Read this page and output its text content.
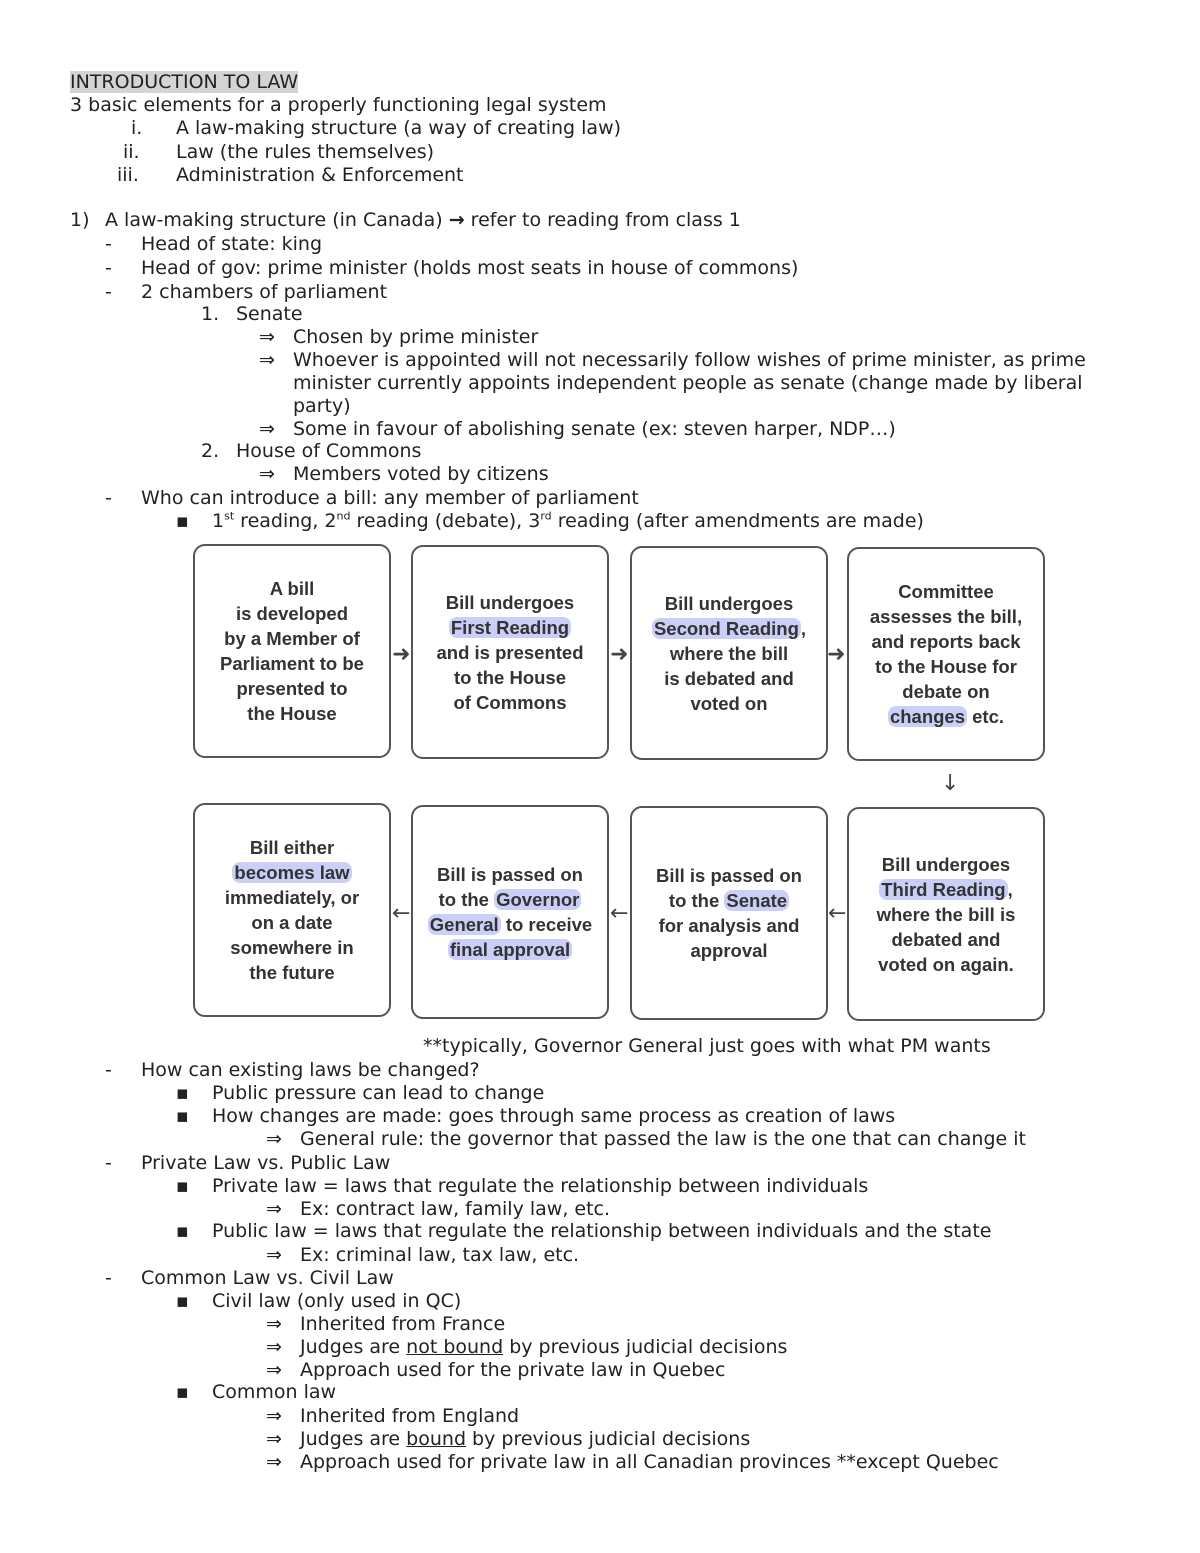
INTRODUCTION TO LAW
3 basic elements for a properly functioning legal system
i. A law-making structure (a way of creating law)
ii. Law (the rules themselves)
iii. Administration & Enforcement
1) A law-making structure (in Canada) → refer to reading from class 1
- Head of state: king
- Head of gov: prime minister (holds most seats in house of commons)
- 2 chambers of parliament
1. Senate
⇒ Chosen by prime minister
⇒ Whoever is appointed will not necessarily follow wishes of prime minister, as prime
minister currently appoints independent people as senate (change made by liberal
party)
⇒ Some in favour of abolishing senate (ex: steven harper, NDP…)
2. House of Commons
⇒ Members voted by citizens
- Who can introduce a bill: any member of parliament
▪ 1st reading, 2nd reading (debate), 3rd reading (after amendments are made)
A bill
is developed
by a Member of
Parliament to be
presented to
the House
➜
Bill undergoes
First Reading
and is presented
to the House
of Commons
➜
Bill undergoes
Second Reading ,
where the bill
is debated and
voted on
➜
Committee
assesses the bill,
and reports back
to the House for
debate on
changes etc.
↓
Bill either
becomes law
immediately, or
on a date
somewhere in
the future
←
Bill is passed on
to the Governor
General to receive
final approval
←
Bill is passed on
to the Senate
for analysis and
approval
←
Bill undergoes
Third Reading ,
where the bill is
debated and
voted on again.
**typically, Governor General just goes with what PM wants
- How can existing laws be changed?
▪ Public pressure can lead to change
▪ How changes are made: goes through same process as creation of laws
⇒ General rule: the governor that passed the law is the one that can change it
- Private Law vs. Public Law
▪ Private law = laws that regulate the relationship between individuals
⇒ Ex: contract law, family law, etc.
▪ Public law = laws that regulate the relationship between individuals and the state
⇒ Ex: criminal law, tax law, etc.
- Common Law vs. Civil Law
▪ Civil law (only used in QC)
⇒ Inherited from France
⇒ Judges are not bound by previous judicial decisions
⇒ Approach used for the private law in Quebec
▪ Common law
⇒ Inherited from England
⇒ Judges are bound by previous judicial decisions
⇒ Approach used for private law in all Canadian provinces **except Quebec
